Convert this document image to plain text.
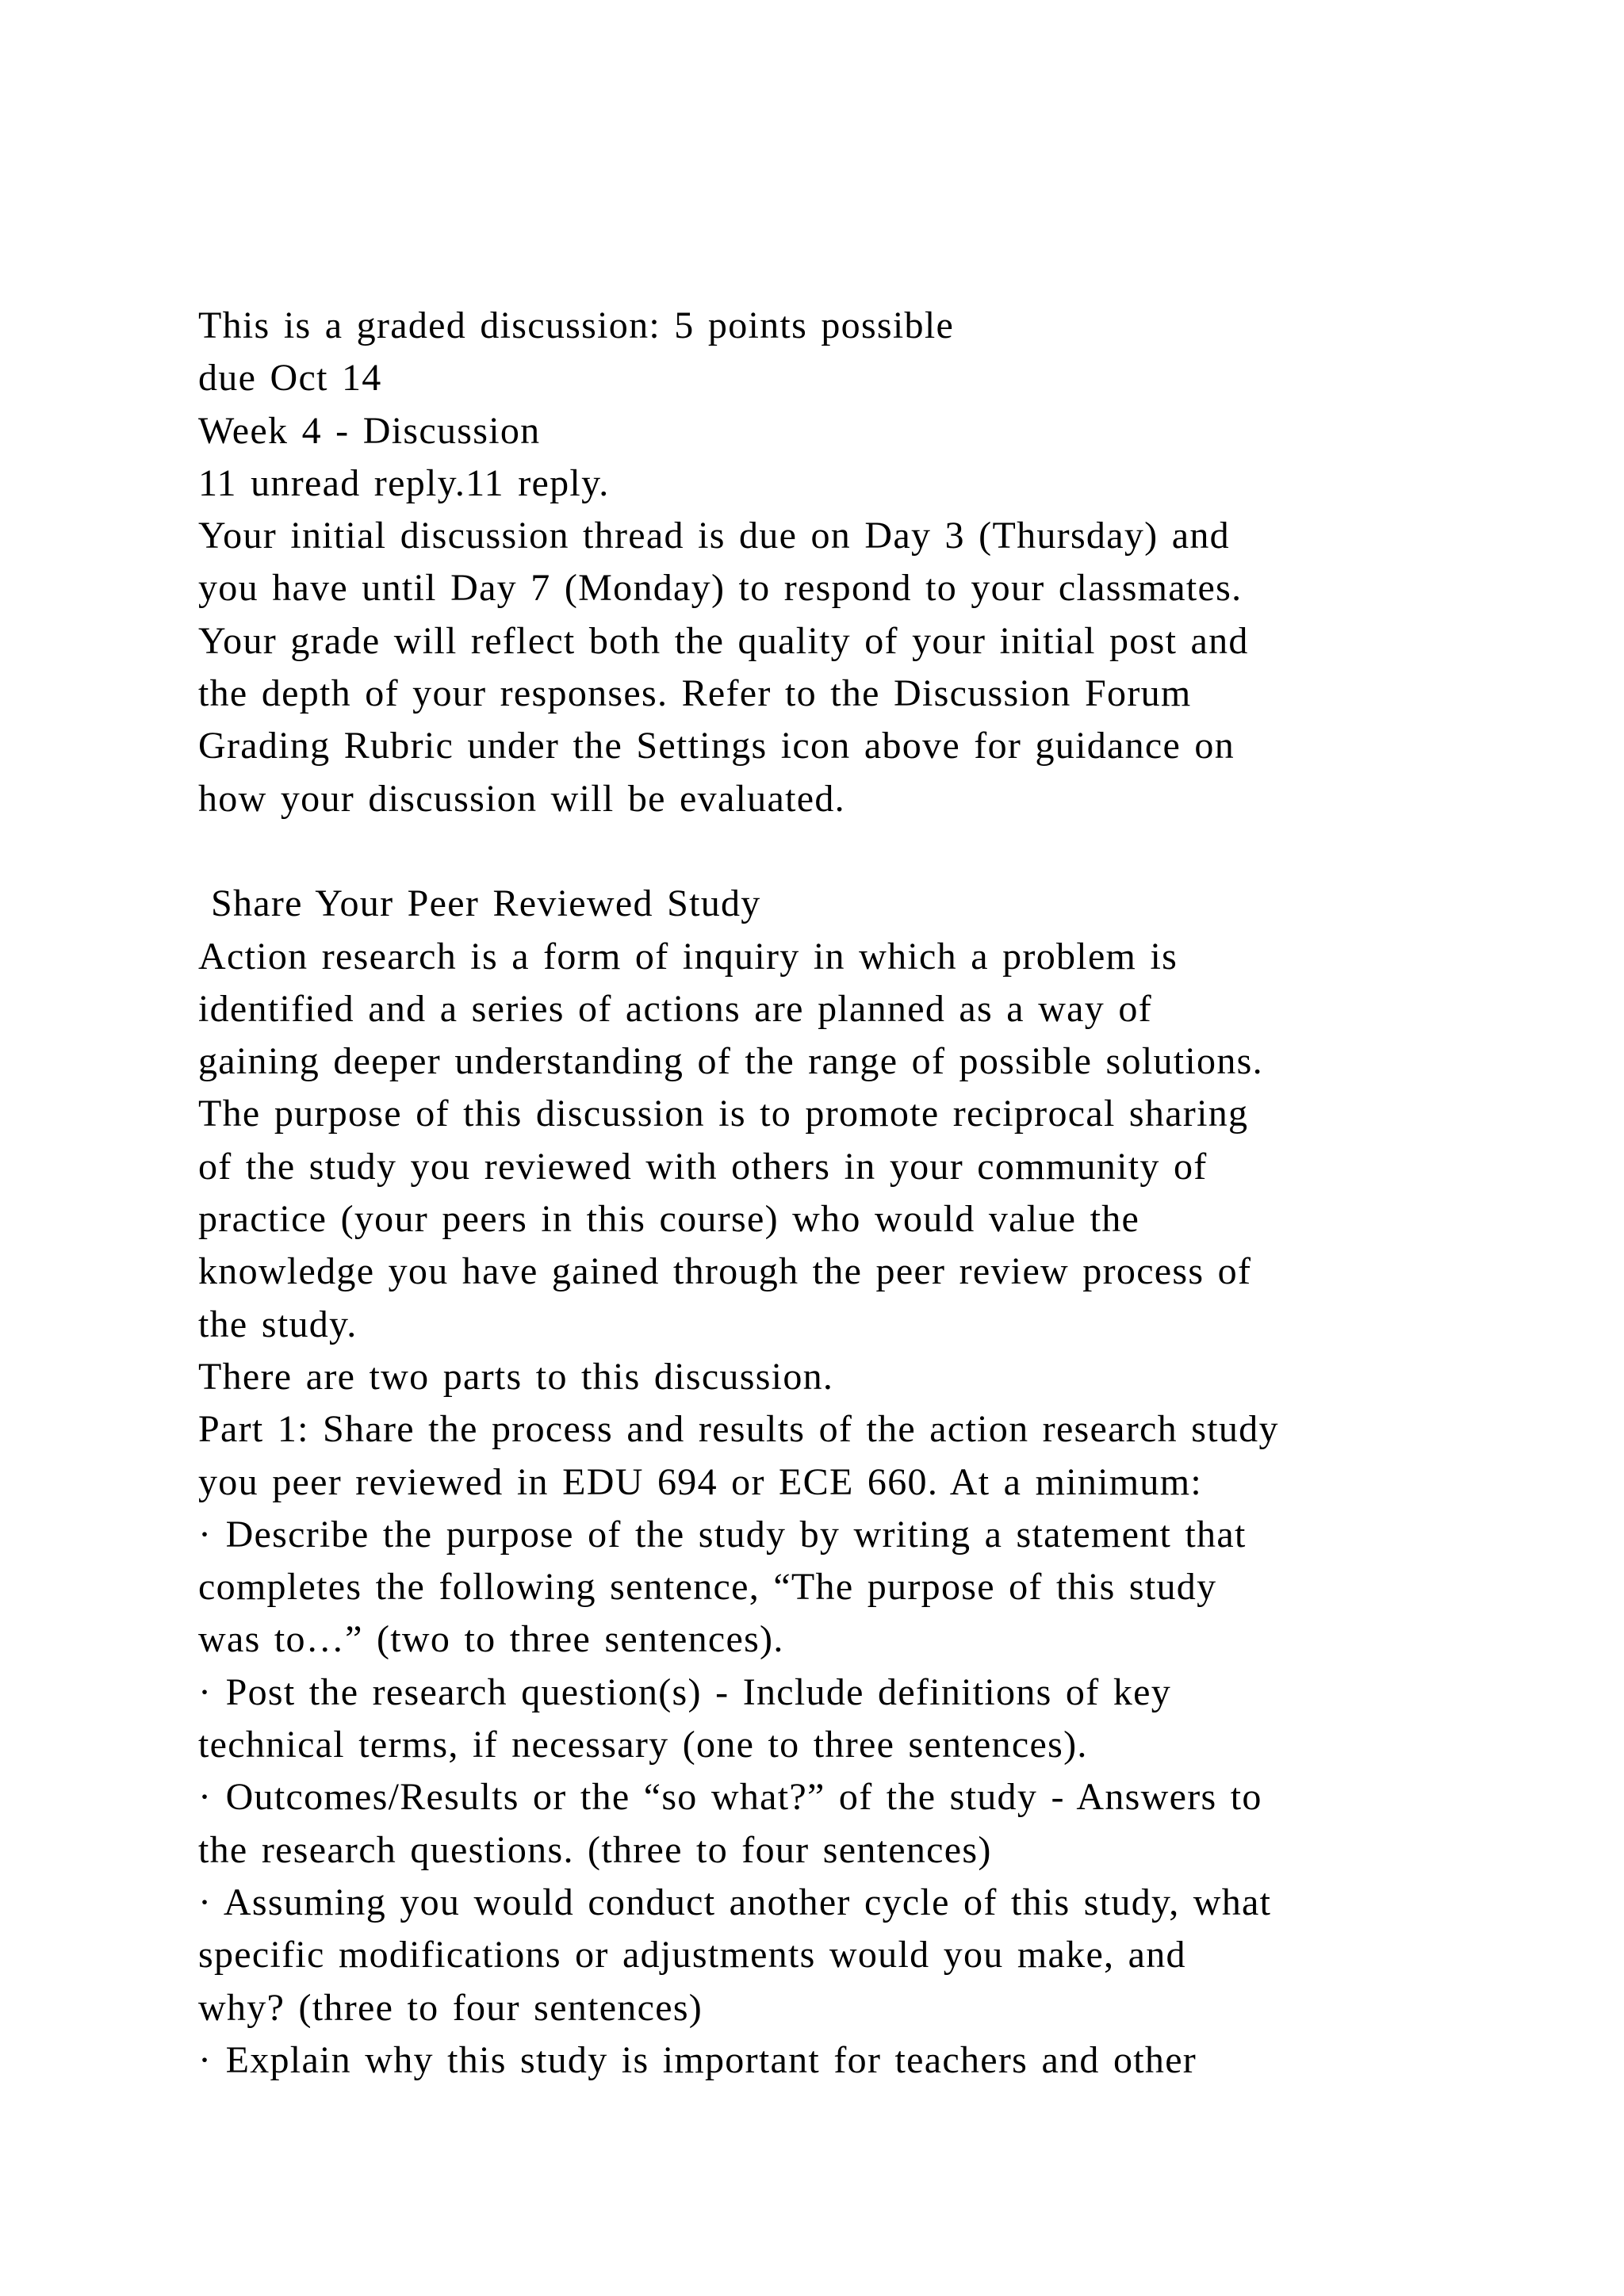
This is a graded discussion: 5 points possible
due Oct 14
Week 4 - Discussion
11 unread reply.11 reply.
Your initial discussion thread is due on Day 3 (Thursday) and
you have until Day 7 (Monday) to respond to your classmates.
Your grade will reflect both the quality of your initial post and
the depth of your responses. Refer to the Discussion Forum
Grading Rubric under the Settings icon above for guidance on
how your discussion will be evaluated.
Share Your Peer Reviewed Study
Action research is a form of inquiry in which a problem is
identified and a series of actions are planned as a way of
gaining deeper understanding of the range of possible solutions.
The purpose of this discussion is to promote reciprocal sharing
of the study you reviewed with others in your community of
practice (your peers in this course) who would value the
knowledge you have gained through the peer review process of
the study.
There are two parts to this discussion.
Part 1: Share the process and results of the action research study
you peer reviewed in EDU 694 or ECE 660. At a minimum:
· Describe the purpose of the study by writing a statement that
completes the following sentence, “The purpose of this study
was to…” (two to three sentences).
· Post the research question(s) - Include definitions of key
technical terms, if necessary (one to three sentences).
· Outcomes/Results or the “so what?” of the study - Answers to
the research questions. (three to four sentences)
· Assuming you would conduct another cycle of this study, what
specific modifications or adjustments would you make, and
why? (three to four sentences)
· Explain why this study is important for teachers and other
